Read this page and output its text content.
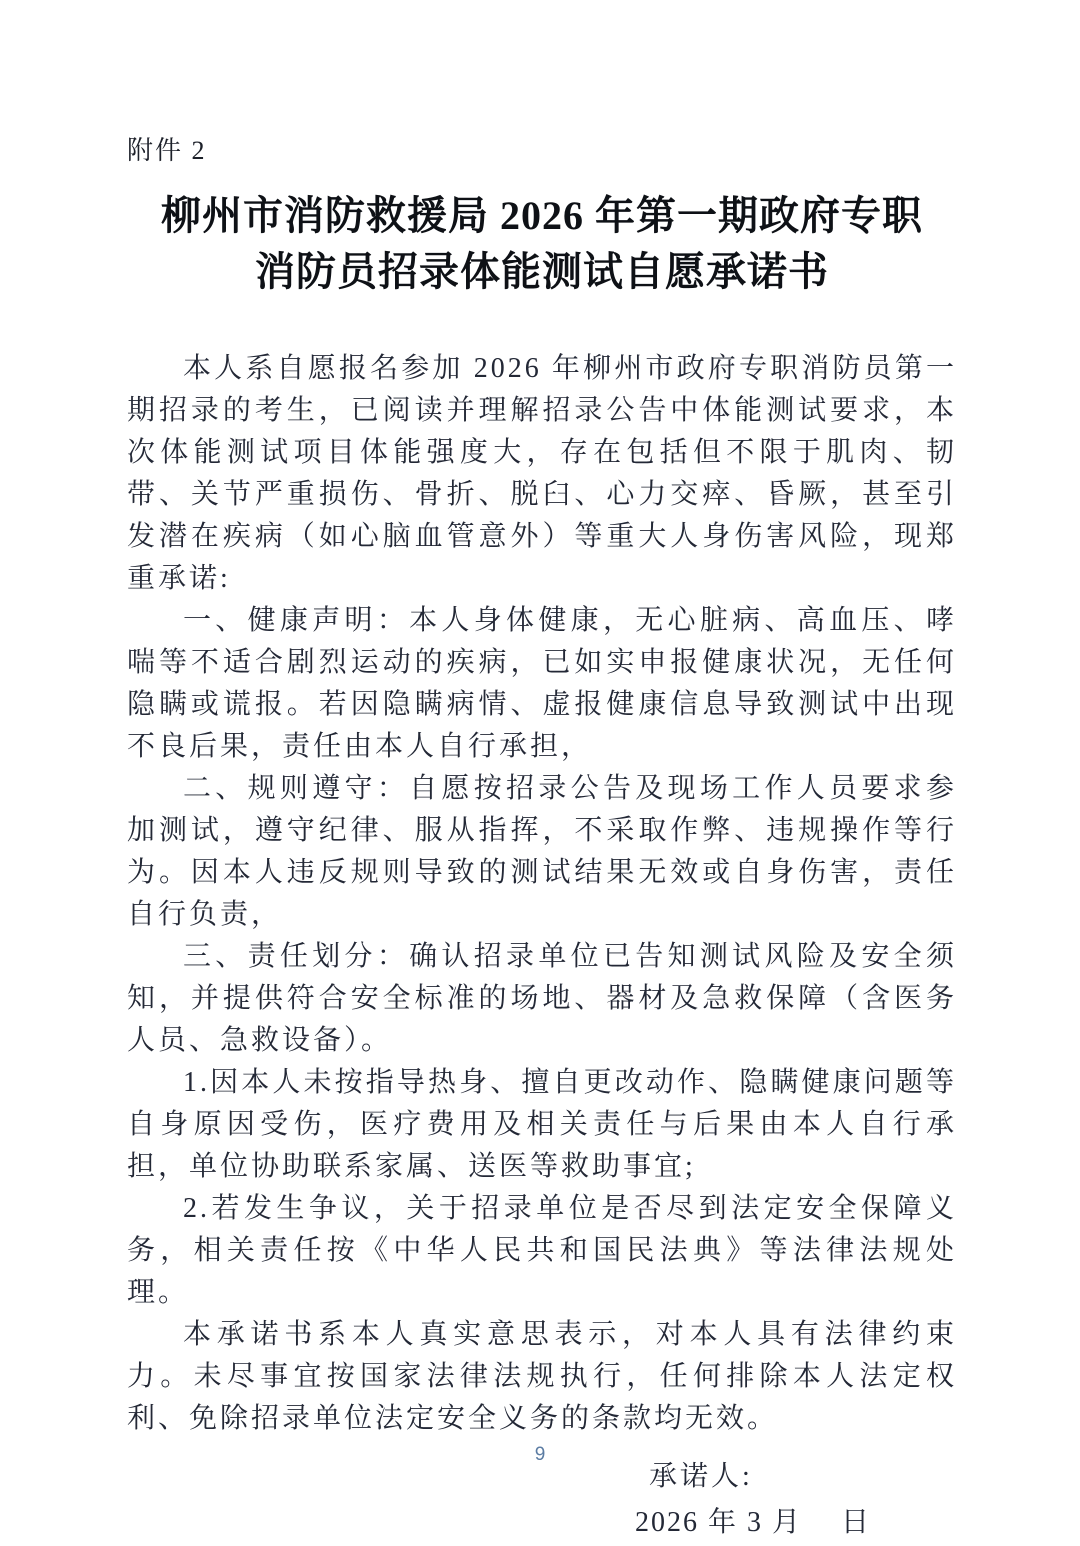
附件 2
柳州市消防救援局 2026 年第一期政府专职
消防员招录体能测试自愿承诺书

本人系自愿报名参加 2026 年柳州市政府专职消防员第一期招录的考生，已阅读并理解招录公告中体能测试要求，本次体能测试项目体能强度大，存在包括但不限于肌肉、韧带、关节严重损伤、骨折、脱臼、心力交瘁、昏厥，甚至引发潜在疾病（如心脑血管意外）等重大人身伤害风险，现郑重承诺:

一、健康声明：本人身体健康，无心脏病、高血压、哮喘等不适合剧烈运动的疾病，已如实申报健康状况，无任何隐瞒或谎报。若因隐瞒病情、虚报健康信息导致测试中出现不良后果，责任由本人自行承担，

二、规则遵守：自愿按招录公告及现场工作人员要求参加测试，遵守纪律、服从指挥，不采取作弊、违规操作等行为。因本人违反规则导致的测试结果无效或自身伤害，责任自行负责，

三、责任划分：确认招录单位已告知测试风险及安全须知，并提供符合安全标准的场地、器材及急救保障（含医务人员、急救设备）。

1.因本人未按指导热身、擅自更改动作、隐瞒健康问题等自身原因受伤，医疗费用及相关责任与后果由本人自行承担，单位协助联系家属、送医等救助事宜;

2.若发生争议，关于招录单位是否尽到法定安全保障义务，相关责任按《中华人民共和国民法典》等法律法规处理。

本承诺书系本人真实意思表示，对本人具有法律约束力。未尽事宜按国家法律法规执行，任何排除本人法定权利、免除招录单位法定安全义务的条款均无效。

承诺人:
2026 年 3 月　 日
9
